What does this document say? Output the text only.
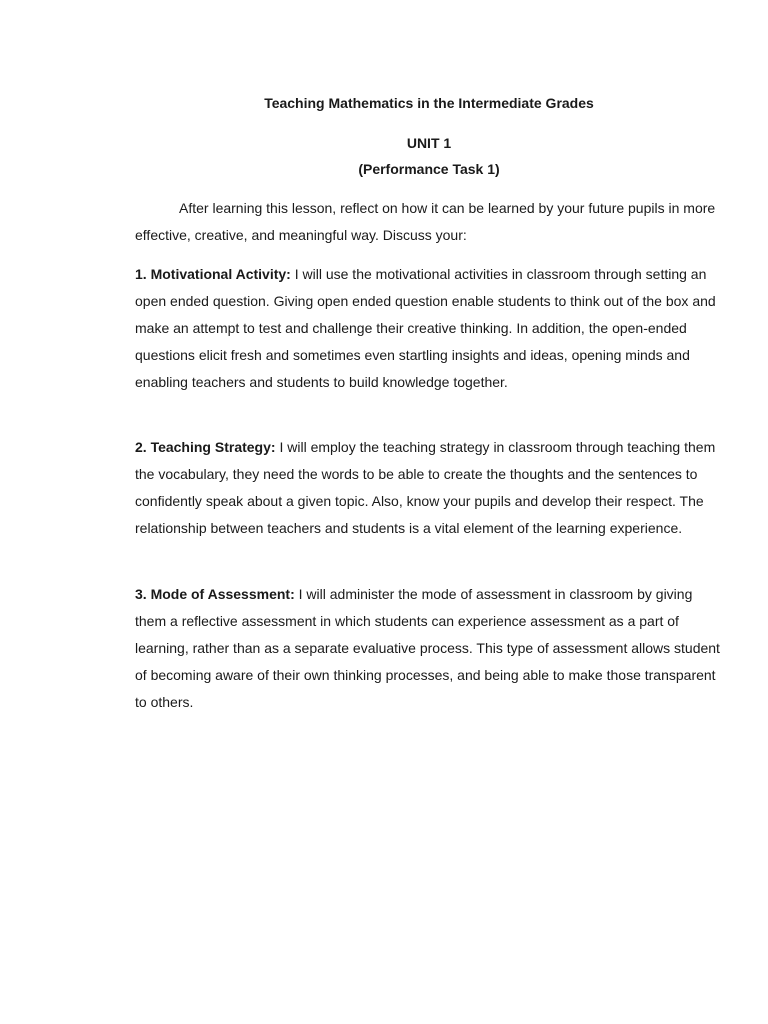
Teaching Mathematics in the Intermediate Grades
UNIT 1
(Performance Task 1)

After learning this lesson, reflect on how it can be learned by your future pupils in more effective, creative, and meaningful way. Discuss your:

1. Motivational Activity: I will use the motivational activities in classroom through setting an open ended question. Giving open ended question enable students to think out of the box and make an attempt to test and challenge their creative thinking. In addition, the open-ended questions elicit fresh and sometimes even startling insights and ideas, opening minds and enabling teachers and students to build knowledge together.

2. Teaching Strategy: I will employ the teaching strategy in classroom through teaching them the vocabulary, they need the words to be able to create the thoughts and the sentences to confidently speak about a given topic. Also, know your pupils and develop their respect. The relationship between teachers and students is a vital element of the learning experience.

3. Mode of Assessment: I will administer the mode of assessment in classroom by giving them a reflective assessment in which students can experience assessment as a part of learning, rather than as a separate evaluative process. This type of assessment allows student of becoming aware of their own thinking processes, and being able to make those transparent to others.
